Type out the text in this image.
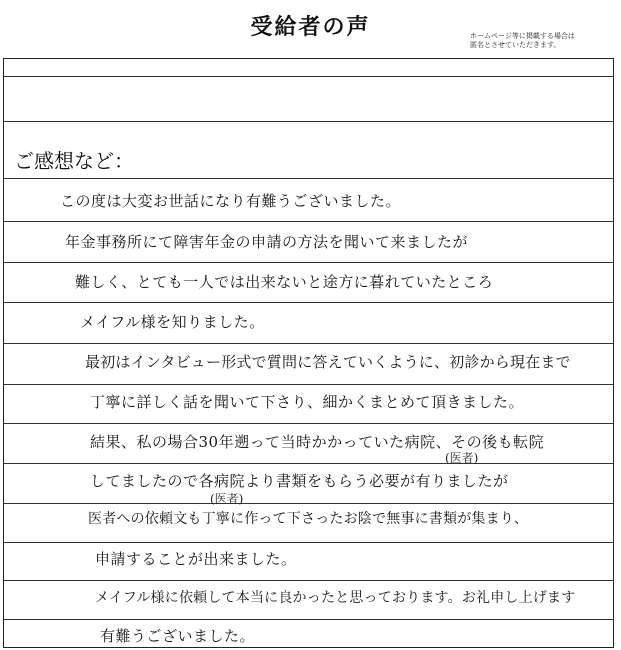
受給者の声	ホームページ等に掲載する場合は
匿名とさせていただきます。
ご感想など：
この度は大変お世話になり有難うございました。
年金事務所にて障害年金の申請の方法を聞いて来ましたが
難しく、とても一人では出来ないと途方に暮れていたところ
メイフル様を知りました。
最初はインタビュー形式で質問に答えていくように、初診から現在まで
丁寧に詳しく話を聞いて下さり、細かくまとめて頂きました。
結果、私の場合30年遡って当時かかっていた病院、その後も転院
(医者)
してましたので各病院より書類をもらう必要が有りましたが
(医者)
医者への依頼文も丁寧に作って下さったお陰で無事に書類が集まり、
申請することが出来ました。
メイフル様に依頼して本当に良かったと思っております。お礼申し上げます
有難うございました。
